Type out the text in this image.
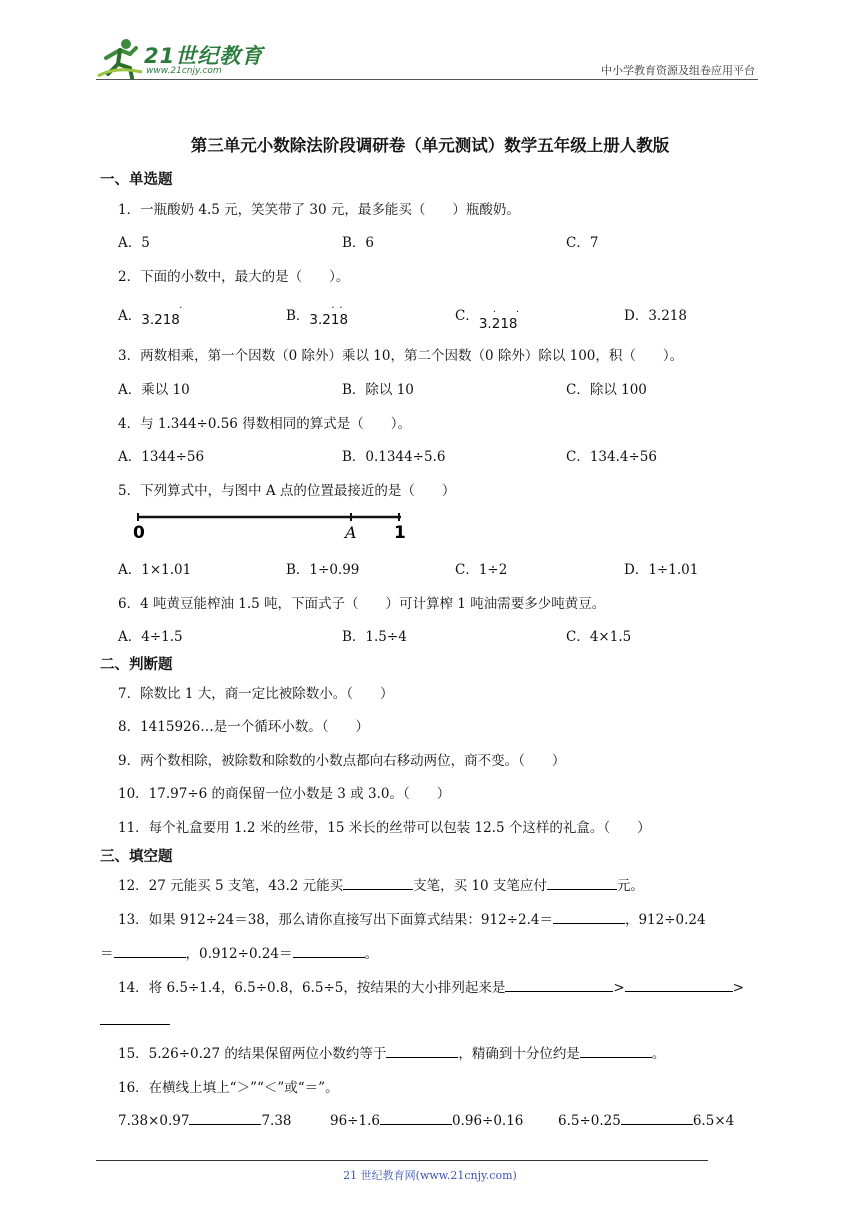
21世纪教育
www.21cnjy.com	中小学教育资源及组卷应用平台
第三单元小数除法阶段调研卷（单元测试）数学五年级上册人教版
一、单选题
1．一瓶酸奶 4.5 元，笑笑带了 30 元，最多能买（　　）瓶酸奶。
A．5	B．6	C．7
2．下面的小数中，最大的是（　　）。
A．3.218
·	B．3.218
· ·	C．3.218
· ·	D．3.218
3．两数相乘，第一个因数（0 除外）乘以 10，第二个因数（0 除外）除以 100，积（　　）。
A．乘以 10	B．除以 10	C．除以 100
4．与 1.344÷0.56 得数相同的算式是（　　）。
A．1344÷56	B．0.1344÷5.6	C．134.4÷56
5．下列算式中，与图中 A 点的位置最接近的是（　　）
0	A 1
A．1×1.01	B．1÷0.99	C．1÷2	D．1÷1.01
6．4 吨黄豆能榨油 1.5 吨，下面式子（　　）可计算榨 1 吨油需要多少吨黄豆。
A．4÷1.5	B．1.5÷4	C．4×1.5
二、判断题
7．除数比 1 大，商一定比被除数小。（　　）
8．1415926…是一个循环小数。（　　）
9．两个数相除，被除数和除数的小数点都向右移动两位，商不变。（　　）
10．17.97÷6 的商保留一位小数是 3 或 3.0。（　　）
11．每个礼盒要用 1.2 米的丝带，15 米长的丝带可以包装 12.5 个这样的礼盒。（　　）
三、填空题
12．27 元能买 5 支笔，43.2 元能买	支笔，买 10 支笔应付	元。
13．如果 912÷24＝38，那么请你直接写出下面算式结果：912÷2.4＝	，912÷0.24
＝	，0.912÷0.24＝	。
14．将 6.5÷1.4，6.5÷0.8，6.5÷5，按结果的大小排列起来是	>	>
15．5.26÷0.27 的结果保留两位小数约等于	，精确到十分位约是	。
16．在横线上填上“＞”“＜”或“＝”。
7.38×0.97	7.38	96÷1.6	0.96÷0.16	6.5÷0.25	6.5×4
21 世纪教育网(www.21cnjy.com)
